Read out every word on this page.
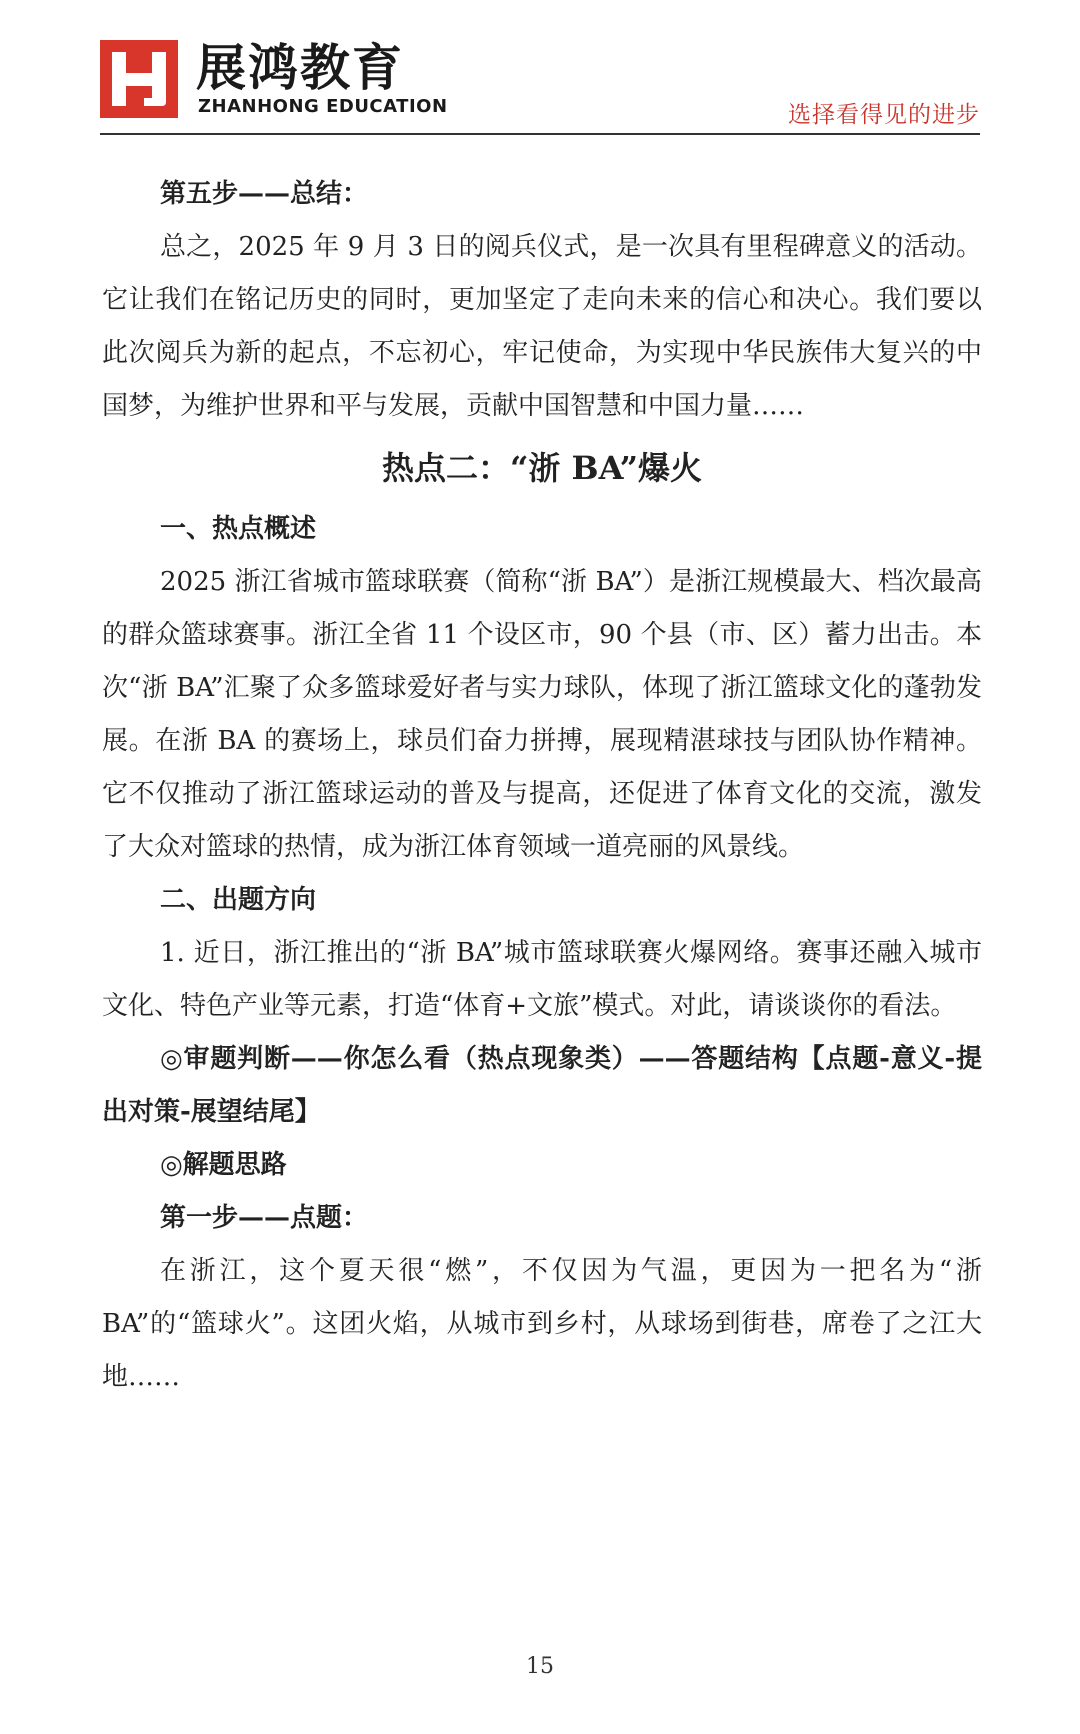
展鸿教育
ZHANHONG EDUCATION	选择看得见的进步

第五步——总结：

总之，2025 年 9 月 3 日的阅兵仪式，是一次具有里程碑意义的活动。它让我们在铭记历史的同时，更加坚定了走向未来的信心和决心。我们要以此次阅兵为新的起点，不忘初心，牢记使命，为实现中华民族伟大复兴的中国梦，为维护世界和平与发展，贡献中国智慧和中国力量……

热点二：“浙 BA”爆火

一、热点概述

2025 浙江省城市篮球联赛（简称“浙 BA”）是浙江规模最大、档次最高的群众篮球赛事。浙江全省 11 个设区市，90 个县（市、区）蓄力出击。本次“浙 BA”汇聚了众多篮球爱好者与实力球队，体现了浙江篮球文化的蓬勃发展。在浙 BA 的赛场上，球员们奋力拼搏，展现精湛球技与团队协作精神。它不仅推动了浙江篮球运动的普及与提高，还促进了体育文化的交流，激发了大众对篮球的热情，成为浙江体育领域一道亮丽的风景线。

二、出题方向

1. 近日，浙江推出的“浙 BA”城市篮球联赛火爆网络。赛事还融入城市文化、特色产业等元素，打造“体育+文旅”模式。对此，请谈谈你的看法。

◎审题判断——你怎么看（热点现象类）——答题结构【点题-意义-提出对策-展望结尾】

◎解题思路

第一步——点题：

在浙江，这个夏天很“燃”，不仅因为气温，更因为一把名为“浙 BA”的“篮球火”。这团火焰，从城市到乡村，从球场到街巷，席卷了之江大地……

15
